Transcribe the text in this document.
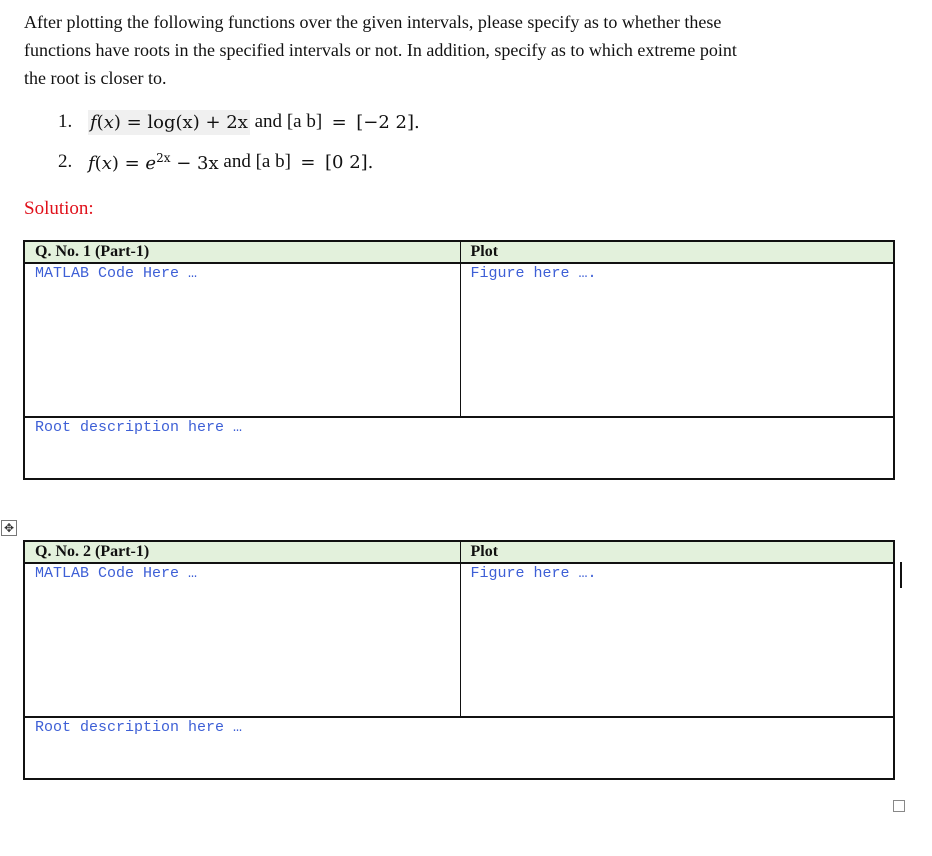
After plotting the following functions over the given intervals, please specify as to whether these
functions have roots in the specified intervals or not. In addition, specify as to which extreme point
the root is closer to.
1. f(x) = log(x) + 2x
and
[a b]
=
[−2 2].
2. $f(x) = e^{2x} - 3x$
and
[a b]
=
[0 2].
Solution:
✥
Q. No. 1 (Part-1)	Plot

MATLAB Code Here …	Figure here ….

Root description here …	
Q. No. 2 (Part-1)	Plot

MATLAB Code Here …	Figure here ….

Root description here …	
